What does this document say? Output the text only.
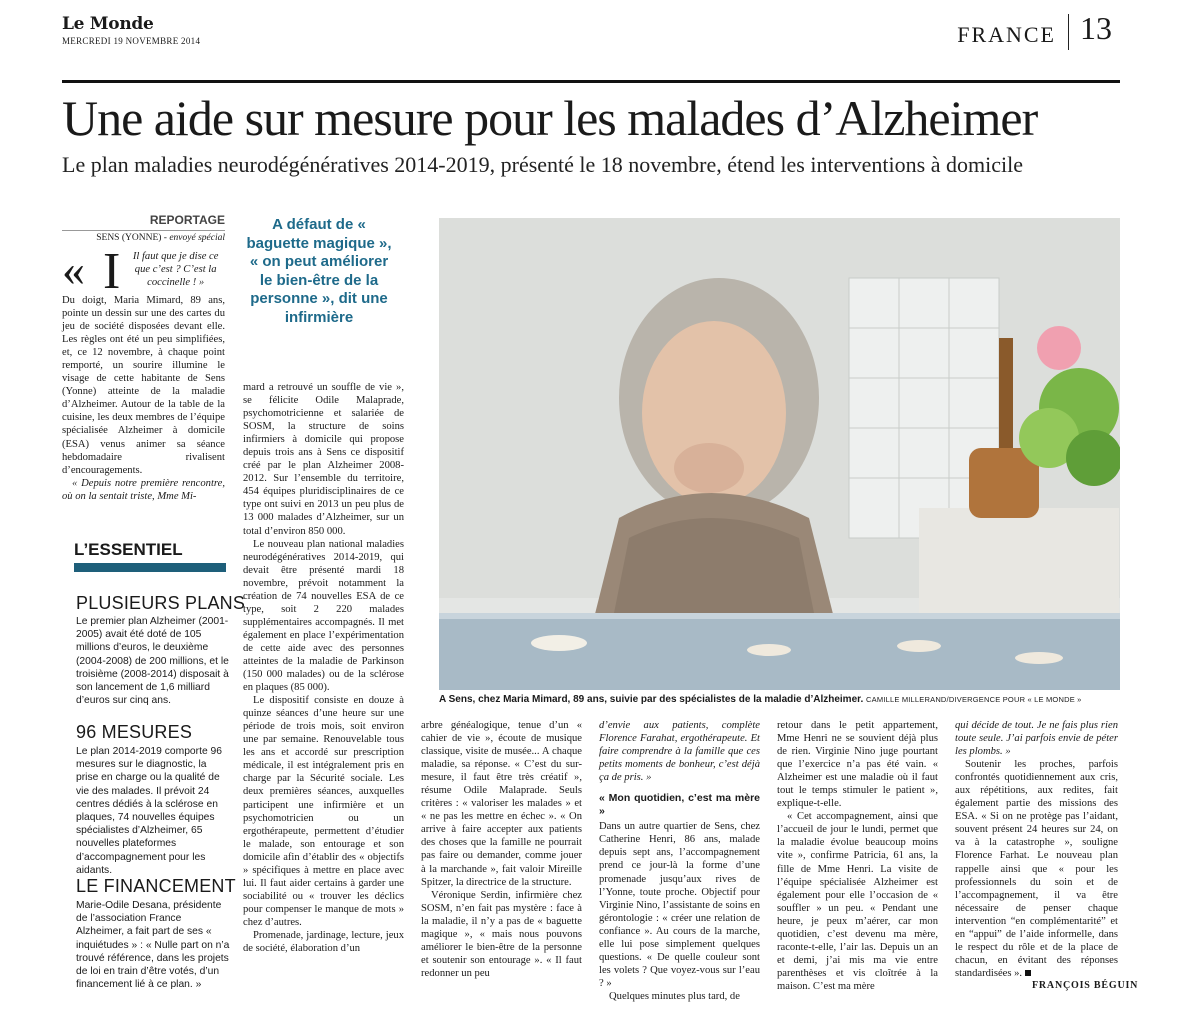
Le Monde
MERCREDI 19 NOVEMBRE 2014	FRANCE 13
Une aide sur mesure pour les malades d’Alzheimer
Le plan maladies neurodégénératives 2014-2019, présenté le 18 novembre, étend les interventions à domicile
REPORTAGE
SENS (YONNE) - envoyé spécial
« I	Il faut que je dise ce que c’est ? C’est la coccinelle ! »

Du doigt, Maria Mimard, 89 ans, pointe un dessin sur une des cartes du jeu de société disposées devant elle. Les règles ont été un peu simplifiées, et, ce 12 novembre, à chaque point remporté, un sourire illumine le visage de cette habitante de Sens (Yonne) atteinte de la maladie d’Alzheimer. Autour de la table de la cuisine, les deux membres de l’équipe spécialisée Alzheimer à domicile (ESA) venus animer sa séance hebdomadaire rivalisent d’encouragements.

« Depuis notre première rencontre, où on la sentait triste, Mme Mi-

A défaut de « baguette magique », « on peut améliorer le bien-être de la personne », dit une infirmière
A Sens, chez Maria Mimard, 89 ans, suivie par des spécialistes de la maladie d’Alzheimer. CAMILLE MILLERAND/DIVERGENCE POUR « LE MONDE »
L’ESSENTIEL
PLUSIEURS PLANS
Le premier plan Alzheimer (2001-2005) avait été doté de 105 millions d’euros, le deuxième (2004-2008) de 200 millions, et le troisième (2008-2014) disposait à son lancement de 1,6 milliard d’euros sur cinq ans.
96 MESURES
Le plan 2014-2019 comporte 96 mesures sur le diagnostic, la prise en charge ou la qualité de vie des malades. Il prévoit 24 centres dédiés à la sclérose en plaques, 74 nouvelles équipes spécialistes d’Alzheimer, 65 nouvelles plateformes d’accompagnement pour les aidants.
LE FINANCEMENT
Marie-Odile Desana, présidente de l’association France Alzheimer, a fait part de ses « inquiétudes » : « Nulle part on n’a trouvé référence, dans les projets de loi en train d’être votés, d’un financement lié à ce plan. »

mard a retrouvé un souffle de vie », se félicite Odile Malaprade, psychomotricienne et salariée de SOSM, la structure de soins infirmiers à domicile qui propose depuis trois ans à Sens ce dispositif créé par le plan Alzheimer 2008-2012. Sur l’ensemble du territoire, 454 équipes pluridisciplinaires de ce type ont suivi en 2013 un peu plus de 13 000 malades d’Alzheimer, sur un total d’environ 850 000.

Le nouveau plan national maladies neurodégénératives 2014-2019, qui devait être présenté mardi 18 novembre, prévoit notamment la création de 74 nouvelles ESA de ce type, soit 2 220 malades supplémentaires accompagnés. Il met également en place l’expérimentation de cette aide avec des personnes atteintes de la maladie de Parkinson (150 000 malades) ou de la sclérose en plaques (85 000).

Le dispositif consiste en douze à quinze séances d’une heure sur une période de trois mois, soit environ une par semaine. Renouvelable tous les ans et accordé sur prescription médicale, il est intégralement pris en charge par la Sécurité sociale. Les deux premières séances, auxquelles participent une infirmière et un psychomotricien ou un ergothérapeute, permettent d’étudier le malade, son entourage et son domicile afin d’établir des « objectifs » spécifiques à mettre en place avec lui. Il faut aider certains à garder une sociabilité ou « trouver les déclics pour compenser le manque de mots » chez d’autres.

Promenade, jardinage, lecture, jeux de société, élaboration d’un

arbre généalogique, tenue d’un « cahier de vie », écoute de musique classique, visite de musée... A chaque maladie, sa réponse. « C’est du sur-mesure, il faut être très créatif », résume Odile Malaprade. Seuls critères : « valoriser les malades » et « ne pas les mettre en échec ». « On arrive à faire accepter aux patients des choses que la famille ne pourrait pas faire ou demander, comme jouer à la marchande », fait valoir Mireille Spitzer, la directrice de la structure.

Véronique Serdin, infirmière chez SOSM, n’en fait pas mystère : face à la maladie, il n’y a pas de « baguette magique », « mais nous pouvons améliorer le bien-être de la personne et soutenir son entourage ». « Il faut redonner un peu

d’envie aux patients, complète Florence Farahat, ergothérapeute. Et faire comprendre à la famille que ces petits moments de bonheur, c’est déjà ça de pris. »

« Mon quotidien, c’est ma mère »

Dans un autre quartier de Sens, chez Catherine Henri, 86 ans, malade depuis sept ans, l’accompagnement prend ce jour-là la forme d’une promenade jusqu’aux rives de l’Yonne, toute proche. Objectif pour Virginie Nino, l’assistante de soins en gérontologie : « créer une relation de confiance ». Au cours de la marche, elle lui pose simplement quelques questions. « De quelle couleur sont les volets ? Que voyez-vous sur l’eau ? »

Quelques minutes plus tard, de

retour dans le petit appartement, Mme Henri ne se souvient déjà plus de rien. Virginie Nino juge pourtant que l’exercice n’a pas été vain. « Alzheimer est une maladie où il faut tout le temps stimuler le patient », explique-t-elle.

« Cet accompagnement, ainsi que l’accueil de jour le lundi, permet que la maladie évolue beaucoup moins vite », confirme Patricia, 61 ans, la fille de Mme Henri. La visite de l’équipe spécialisée Alzheimer est également pour elle l’occasion de « souffler » un peu. « Pendant une heure, je peux m’aérer, car mon quotidien, c’est devenu ma mère, raconte-t-elle, l’air las. Depuis un an et demi, j’ai mis ma vie entre parenthèses et vis cloîtrée à la maison. C’est ma mère

qui décide de tout. Je ne fais plus rien toute seule. J’ai parfois envie de péter les plombs. »

Soutenir les proches, parfois confrontés quotidiennement aux cris, aux répétitions, aux redites, fait également partie des missions des ESA. « Si on ne protège pas l’aidant, souvent présent 24 heures sur 24, on va à la catastrophe », souligne Florence Farhat. Le nouveau plan rappelle ainsi que « pour les professionnels du soin et de l’accompagnement, il va être nécessaire de penser chaque intervention “en complémentarité” et en “appui” de l’aide informelle, dans le respect du rôle et de la place de chacun, en évitant des réponses standardisées ».

FRANÇOIS BÉGUIN
